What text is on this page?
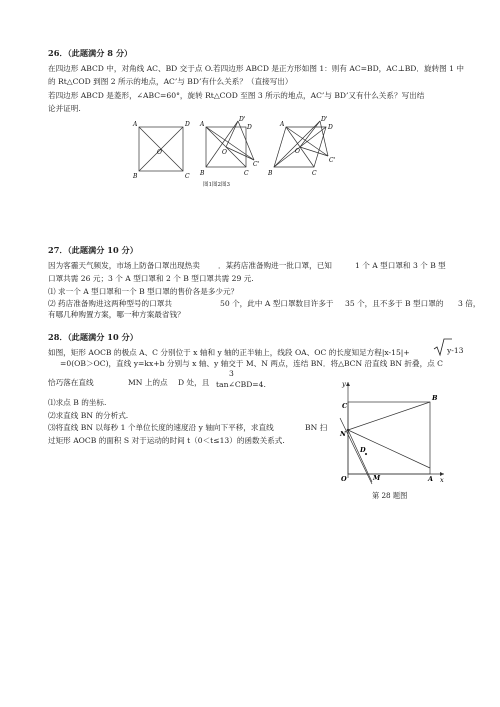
26．（此题满分 8 分）
在四边形 ABCD 中，对角线 AC、BD 交于点 O.若四边形 ABCD 是正方形如图 1：则有 AC=BD，AC⊥BD．旋转图 1 中
的 Rt△COD 到图 2 所示的地点，AC’与 BD’有什么关系？（直接写出）
若四边形 ABCD 是菱形，∠ABC=60°，旋转 Rt△COD 至图 3 所示的地点，AC’与 BD’又有什么关系？写出结
论并证明.
A	D
B	C
O
A
D'
D
B	C
C'
O
A
D'
D
B	C
C'
O
图1图2图3
27．（此题满分 10 分）
因为客霾天气频发，市场上防备口罩出现热卖 ．某药店准备购进一批口罩，已知	1 个 A 型口罩和 3 个 B 型
口罩共需 26 元；3 个 A 型口罩和 2 个 B 型口罩共需 29 元.
⑴ 求一个 A 型口罩和一个 B 型口罩的售价各是多少元？
⑵ 药店准备购进这两种型号的口罩共	50 个，此中 A 型口罩数目许多于 35 个，且不多于 B 型口罩的 3 倍，
有哪几种购置方案，哪一种方案最省钱？
28．（此题满分 10 分）
如图，矩形 AOCB 的极点 A、C 分别位于 x 轴和 y 轴的正半轴上，线段 OA、OC 的长度知足方程|x-15|+	y-13
=0(OB＞OC)，直线 y=kx+b 分别与 x 轴、y 轴交于 M、N 两点，连结 BN．将△BCN 沿直线 BN 折叠，点 C
恰巧落在直线	MN 上的点 D 处，且
3
tan∠CBD=4.
⑴求点 B 的坐标.
⑵求直线 BN 的分析式.
⑶将直线 BN 以每秒 1 个单位长度的速度沿 y 轴向下平移，求直线	BN 扫
过矩形 AOCB 的面积 S 对于运动的时间 t（0＜t≤13）的函数关系式.
y
x
O	A
B
C
N
D
M
第 28 题图
